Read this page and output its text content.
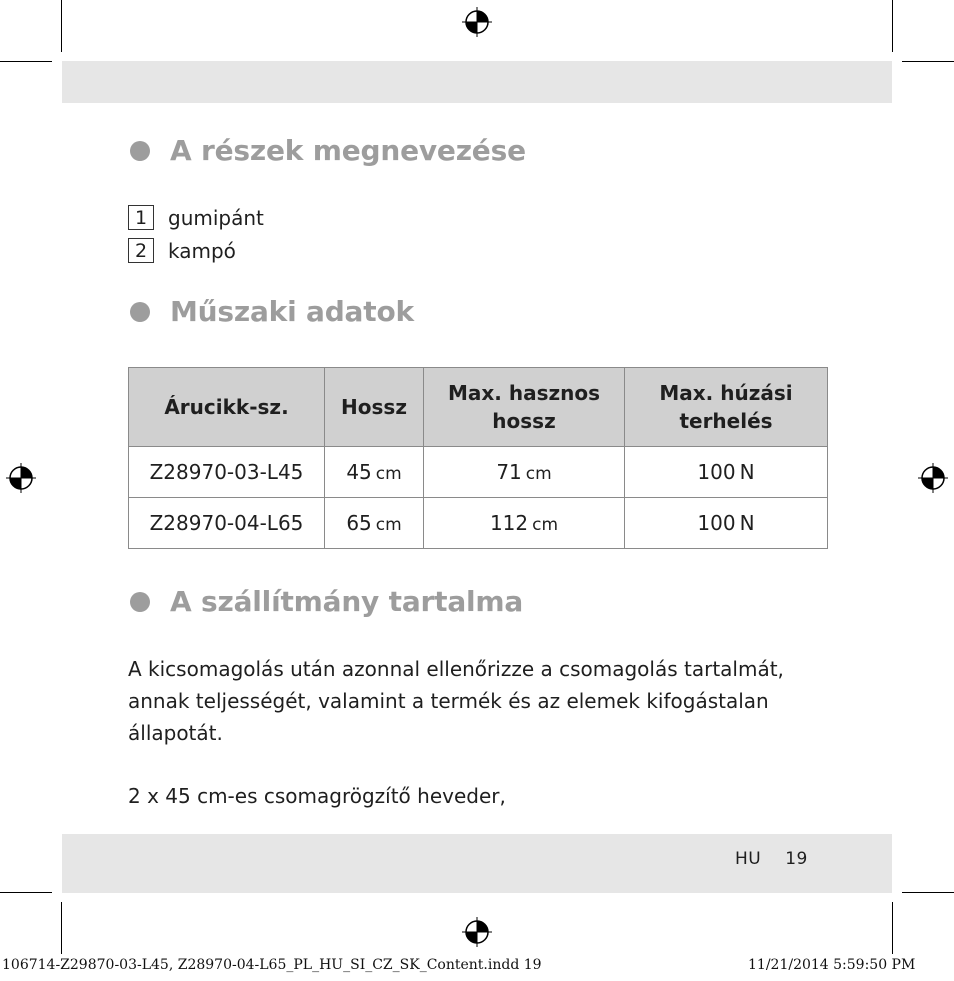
A részek megnevezése
1	gumipánt
2	kampó
Műszaki adatok
Árucikk-sz.	Hossz	Max. hasznos hossz	Max. húzási terhelés
Z28970-03-L45	45  cm	71  cm	100  N
Z28970-04-L65	65  cm	112  cm	100  N
A szállítmány tartalma

A kicsomagolás után azonnal ellenőrizze a csomagolás tartalmát, annak teljességét, valamint a termék és az elemek kifogástalan állapotát.

2 x 45 cm-es csomagrögzítő heveder,

HU 19
106714-Z29870-03-L45, Z28970-04-L65_PL_HU_SI_CZ_SK_Content.indd 19	11/21/2014 5:59:50 PM
